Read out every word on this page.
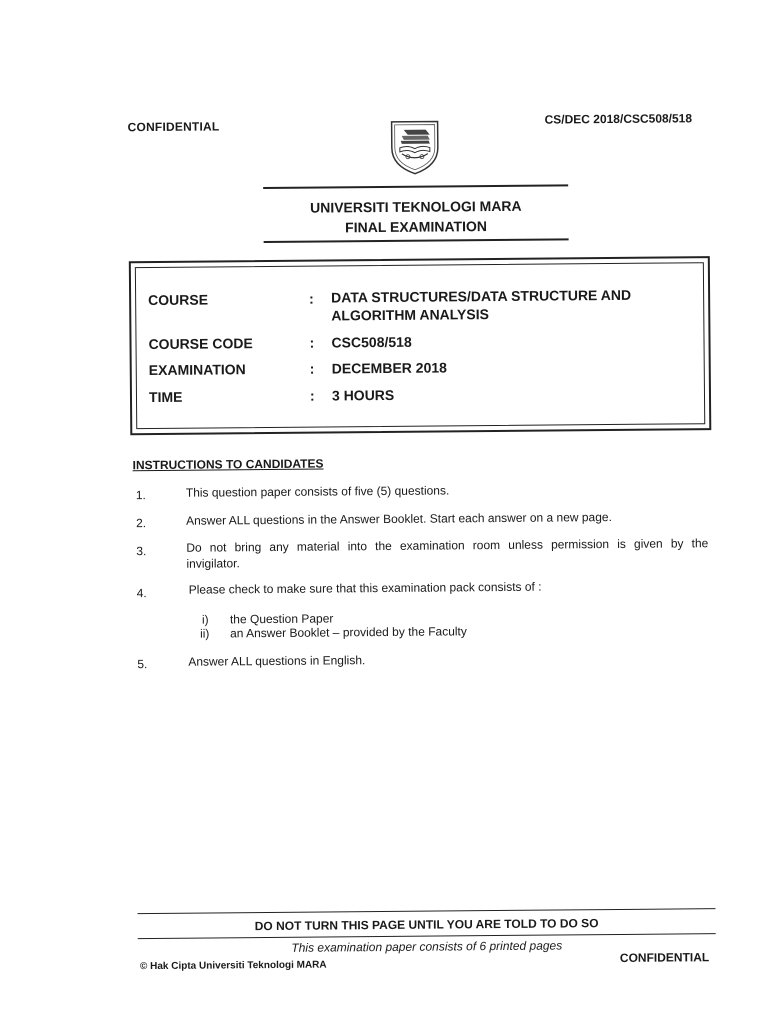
CONFIDENTIAL
CS/DEC 2018/CSC508/518
UNIVERSITI TEKNOLOGI MARA
FINAL EXAMINATION
COURSE	: DATA STRUCTURES/DATA STRUCTURE AND
ALGORITHM ANALYSIS
COURSE CODE	: CSC508/518
EXAMINATION	: DECEMBER 2018
TIME	: 3 HOURS
INSTRUCTIONS TO CANDIDATES
1.	This question paper consists of five (5) questions.
2.	Answer ALL questions in the Answer Booklet. Start each answer on a new page.
3.	Do not bring any material into the examination room unless permission is given by the
invigilator.
4.	Please check to make sure that this examination pack consists of :
i) the Question Paper
ii) an Answer Booklet – provided by the Faculty
5.	Answer ALL questions in English.
DO NOT TURN THIS PAGE UNTIL YOU ARE TOLD TO DO SO
This examination paper consists of 6 printed pages
© Hak Cipta Universiti Teknologi MARA
CONFIDENTIAL
